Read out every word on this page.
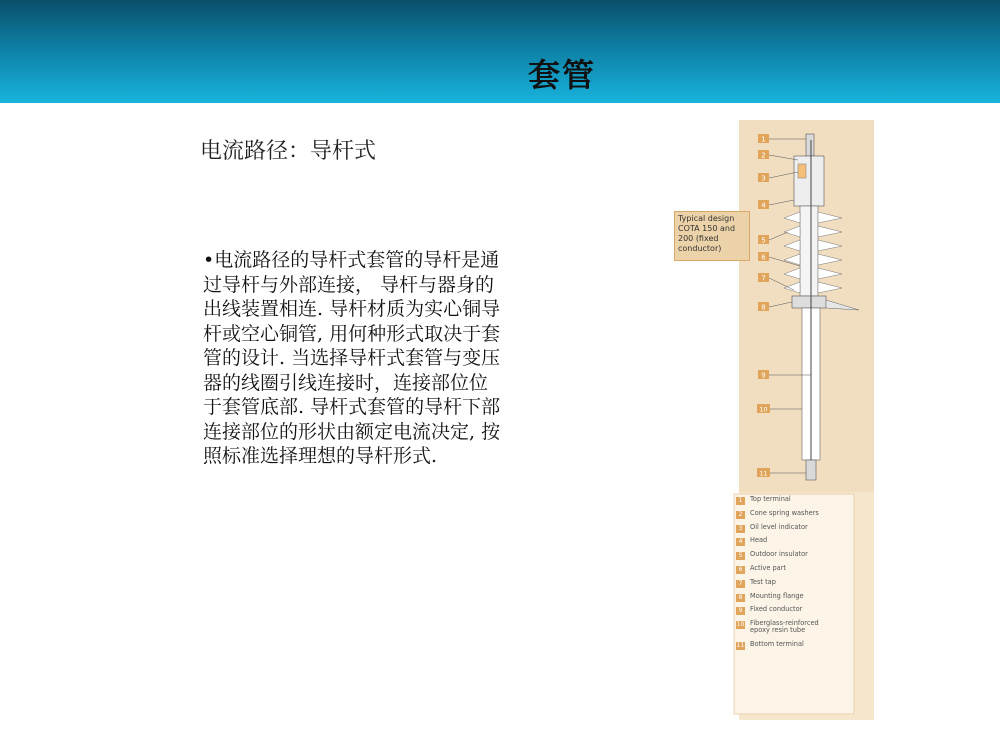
套管
电流路径：导杆式
•电流路径的导杆式套管的导杆是通
过导杆与外部连接， 导杆与器身的
出线装置相连. 导杆材质为实心铜导
杆或空心铜管, 用何种形式取决于套
管的设计. 当选择导杆式套管与变压
器的线圈引线连接时，连接部位位
于套管底部. 导杆式套管的导杆下部
连接部位的形状由额定电流决定, 按
照标准选择理想的导杆形式.
1
2
3
4
5
6
7
8
9
10
11
Typical design
COTA 150 and
200 (fixed
conductor)
1	Top terminal
2	Cone spring washers
3	Oil level indicator
4	Head
5	Outdoor insulator
6	Active part
7	Test tap
8	Mounting flange
9	Fixed conductor
10 Fiberglass-reinforced epoxy resin tube
11 Bottom terminal
